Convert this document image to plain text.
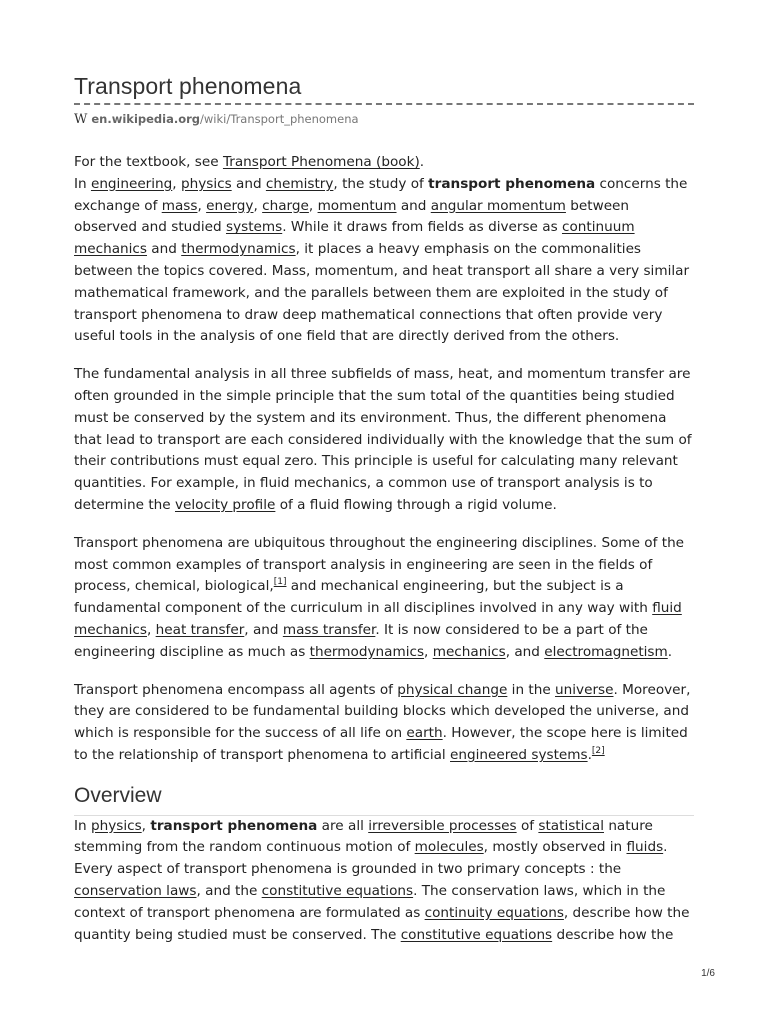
Transport phenomena
W en.wikipedia.org/wiki/Transport_phenomena

For the textbook, see Transport Phenomena (book).

In engineering, physics and chemistry, the study of transport phenomena concerns the exchange of mass, energy, charge, momentum and angular momentum between observed and studied systems. While it draws from fields as diverse as continuum mechanics and thermodynamics, it places a heavy emphasis on the commonalities between the topics covered. Mass, momentum, and heat transport all share a very similar mathematical framework, and the parallels between them are exploited in the study of transport phenomena to draw deep mathematical connections that often provide very useful tools in the analysis of one field that are directly derived from the others.

The fundamental analysis in all three subfields of mass, heat, and momentum transfer are often grounded in the simple principle that the sum total of the quantities being studied must be conserved by the system and its environment. Thus, the different phenomena that lead to transport are each considered individually with the knowledge that the sum of their contributions must equal zero. This principle is useful for calculating many relevant quantities. For example, in fluid mechanics, a common use of transport analysis is to determine the velocity profile of a fluid flowing through a rigid volume.

Transport phenomena are ubiquitous throughout the engineering disciplines. Some of the most common examples of transport analysis in engineering are seen in the fields of process, chemical, biological,[1] and mechanical engineering, but the subject is a fundamental component of the curriculum in all disciplines involved in any way with fluid mechanics, heat transfer, and mass transfer. It is now considered to be a part of the engineering discipline as much as thermodynamics, mechanics, and electromagnetism.

Transport phenomena encompass all agents of physical change in the universe. Moreover, they are considered to be fundamental building blocks which developed the universe, and which is responsible for the success of all life on earth. However, the scope here is limited to the relationship of transport phenomena to artificial engineered systems.[2]

Overview

In physics, transport phenomena are all irreversible processes of statistical nature stemming from the random continuous motion of molecules, mostly observed in fluids. Every aspect of transport phenomena is grounded in two primary concepts : the conservation laws, and the constitutive equations. The conservation laws, which in the context of transport phenomena are formulated as continuity equations, describe how the quantity being studied must be conserved. The constitutive equations describe how the

1/6
